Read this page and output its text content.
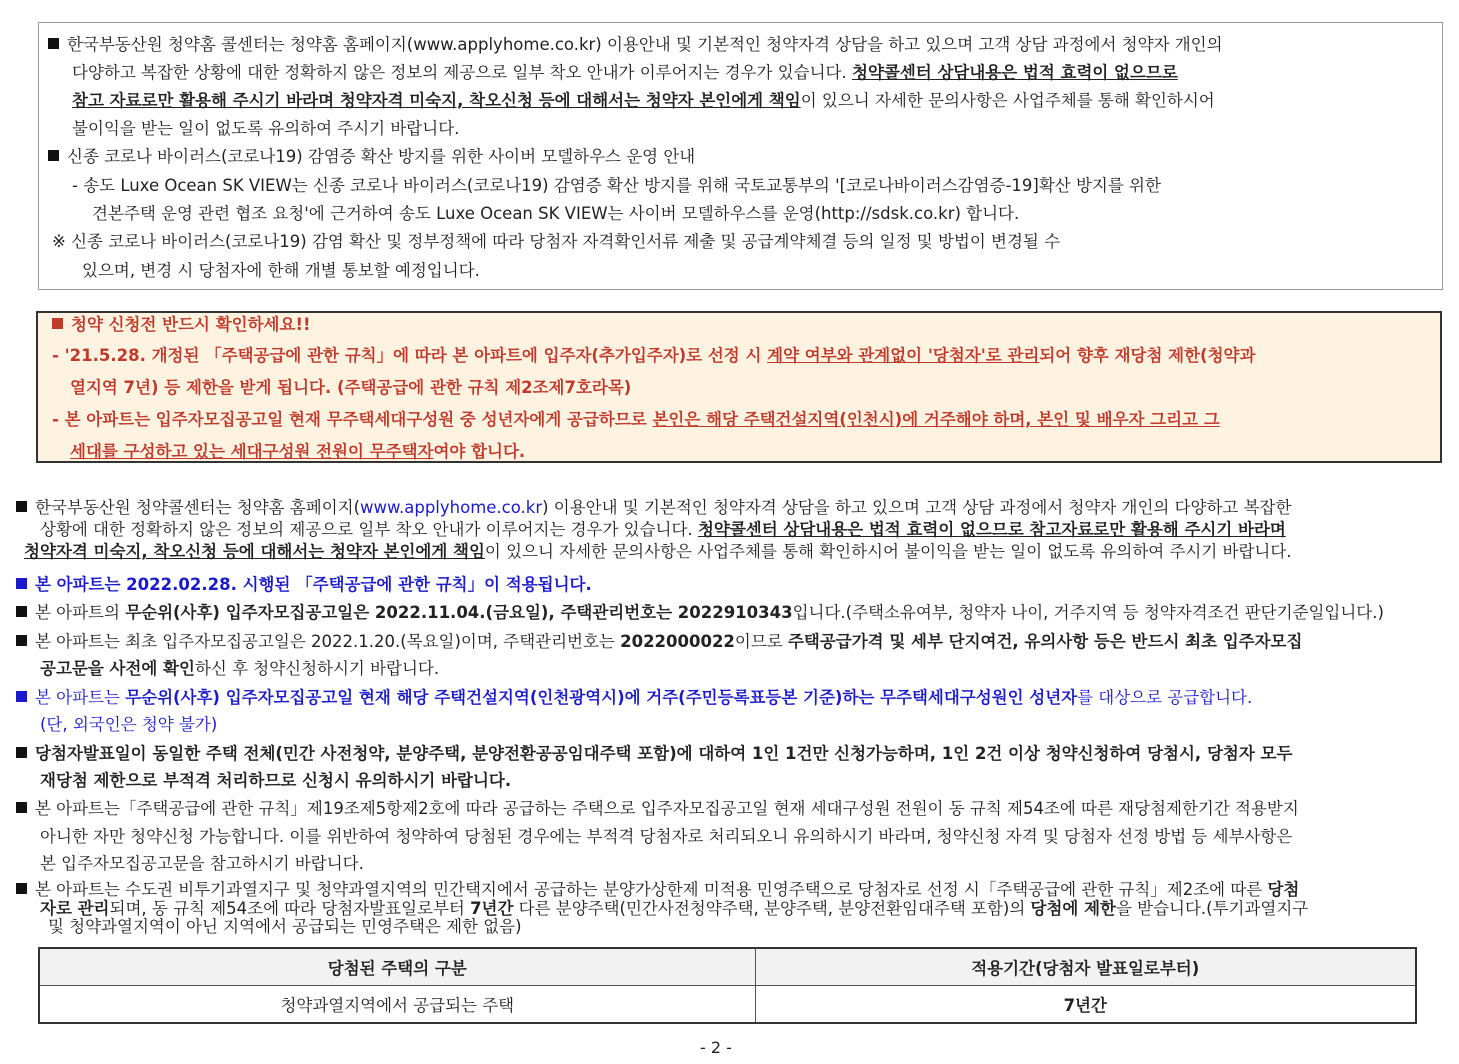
한국부동산원 청약홈 콜센터는 청약홈 홈페이지(www.applyhome.co.kr) 이용안내 및 기본적인 청약자격 상담을 하고 있으며 고객 상담 과정에서 청약자 개인의
다양하고 복잡한 상황에 대한 정확하지 않은 정보의 제공으로 일부 착오 안내가 이루어지는 경우가 있습니다. 청약콜센터 상담내용은 법적 효력이 없으므로
참고 자료로만 활용해 주시기 바라며 청약자격 미숙지, 착오신청 등에 대해서는 청약자 본인에게 책임이 있으니 자세한 문의사항은 사업주체를 통해 확인하시어
불이익을 받는 일이 없도록 유의하여 주시기 바랍니다.
신종 코로나 바이러스(코로나19) 감염증 확산 방지를 위한 사이버 모델하우스 운영 안내
- 송도 Luxe Ocean SK VIEW는 신종 코로나 바이러스(코로나19) 감염증 확산 방지를 위해 국토교통부의 '[코로나바이러스감염증-19]확산 방지를 위한
견본주택 운영 관련 협조 요청'에 근거하여 송도 Luxe Ocean SK VIEW는 사이버 모델하우스를 운영(http://sdsk.co.kr) 합니다.
※ 신종 코로나 바이러스(코로나19) 감염 확산 및 정부정책에 따라 당첨자 자격확인서류 제출 및 공급계약체결 등의 일정 및 방법이 변경될 수
있으며, 변경 시 당첨자에 한해 개별 통보할 예정입니다.
청약 신청전 반드시 확인하세요!!
- '21.5.28. 개정된 「주택공급에 관한 규칙」에 따라 본 아파트에 입주자(추가입주자)로 선정 시 계약 여부와 관계없이 '당첨자'로 관리되어 향후 재당첨 제한(청약과
열지역 7년) 등 제한을 받게 됩니다. (주택공급에 관한 규칙 제2조제7호라목)
- 본 아파트는 입주자모집공고일 현재 무주택세대구성원 중 성년자에게 공급하므로 본인은 해당 주택건설지역(인천시)에 거주해야 하며, 본인 및 배우자 그리고 그
세대를 구성하고 있는 세대구성원 전원이 무주택자여야 합니다.
한국부동산원 청약콜센터는 청약홈 홈페이지(www.applyhome.co.kr) 이용안내 및 기본적인 청약자격 상담을 하고 있으며 고객 상담 과정에서 청약자 개인의 다양하고 복잡한
상황에 대한 정확하지 않은 정보의 제공으로 일부 착오 안내가 이루어지는 경우가 있습니다. 청약콜센터 상담내용은 법적 효력이 없으므로 참고자료로만 활용해 주시기 바라며
청약자격 미숙지, 착오신청 등에 대해서는 청약자 본인에게 책임이 있으니 자세한 문의사항은 사업주체를 통해 확인하시어 불이익을 받는 일이 없도록 유의하여 주시기 바랍니다.
본 아파트는 2022.02.28. 시행된 「주택공급에 관한 규칙」이 적용됩니다.
본 아파트의 무순위(사후) 입주자모집공고일은 2022.11.04.(금요일), 주택관리번호는 2022910343입니다.(주택소유여부, 청약자 나이, 거주지역 등 청약자격조건 판단기준일입니다.)
본 아파트는 최초 입주자모집공고일은 2022.1.20.(목요일)이며, 주택관리번호는 2022000022이므로 주택공급가격 및 세부 단지여건, 유의사항 등은 반드시 최초 입주자모집
공고문을 사전에 확인하신 후 청약신청하시기 바랍니다.
본 아파트는 무순위(사후) 입주자모집공고일 현재 해당 주택건설지역(인천광역시)에 거주(주민등록표등본 기준)하는 무주택세대구성원인 성년자를 대상으로 공급합니다.
(단, 외국인은 청약 불가)
당첨자발표일이 동일한 주택 전체(민간 사전청약, 분양주택, 분양전환공공임대주택 포함)에 대하여 1인 1건만 신청가능하며, 1인 2건 이상 청약신청하여 당첨시, 당첨자 모두
재당첨 제한으로 부적격 처리하므로 신청시 유의하시기 바랍니다.
본 아파트는「주택공급에 관한 규칙」제19조제5항제2호에 따라 공급하는 주택으로 입주자모집공고일 현재 세대구성원 전원이 동 규칙 제54조에 따른 재당첨제한기간 적용받지
아니한 자만 청약신청 가능합니다. 이를 위반하여 청약하여 당첨된 경우에는 부적격 당첨자로 처리되오니 유의하시기 바라며, 청약신청 자격 및 당첨자 선정 방법 등 세부사항은
본 입주자모집공고문을 참고하시기 바랍니다.
본 아파트는 수도권 비투기과열지구 및 청약과열지역의 민간택지에서 공급하는 분양가상한제 미적용 민영주택으로 당첨자로 선정 시「주택공급에 관한 규칙」제2조에 따른 당첨
자로 관리되며, 동 규칙 제54조에 따라 당첨자발표일로부터 7년간 다른 분양주택(민간사전청약주택, 분양주택, 분양전환임대주택 포함)의 당첨에 제한을 받습니다.(투기과열지구
및 청약과열지역이 아닌 지역에서 공급되는 민영주택은 제한 없음)
당첨된 주택의 구분	적용기간(당첨자 발표일로부터)
청약과열지역에서 공급되는 주택	7년간
- 2 -
